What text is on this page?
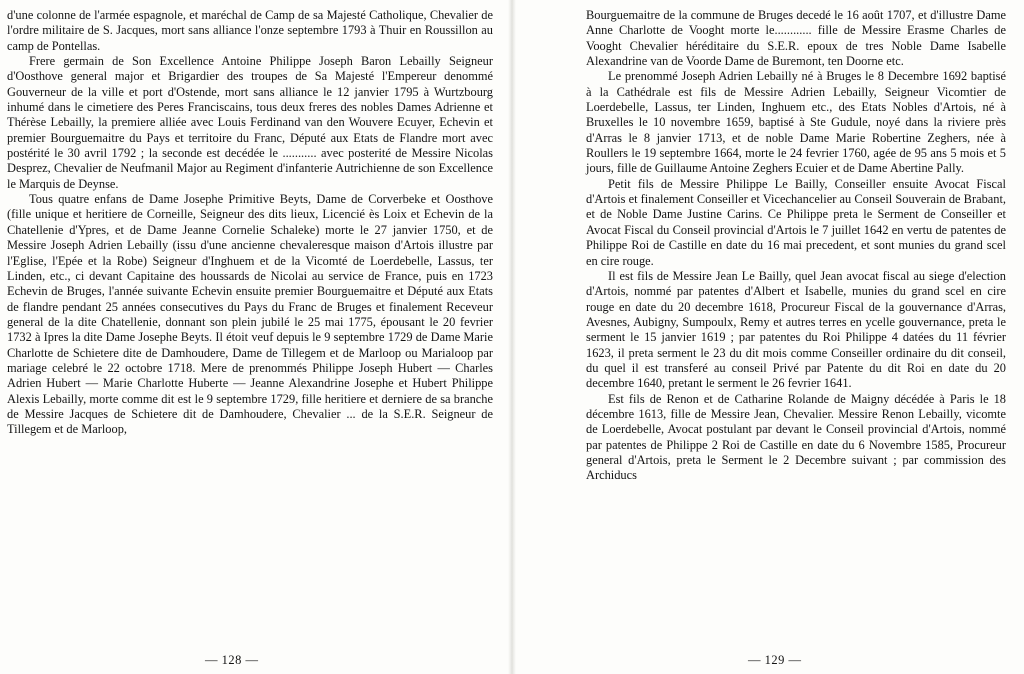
d'une colonne de l'armée espagnole, et maréchal de Camp de sa Majesté Catholique, Chevalier de l'ordre militaire de S. Jacques, mort sans alliance l'onze septembre 1793 à Thuir en Roussillon au camp de Pontellas.

Frere germain de Son Excellence Antoine Philippe Joseph Baron Lebailly Seigneur d'Oosthove general major et Brigardier des troupes de Sa Majesté l'Empereur denommé Gouverneur de la ville et port d'Ostende, mort sans alliance le 12 janvier 1795 à Wurtzbourg inhumé dans le cimetiere des Peres Franciscains, tous deux freres des nobles Dames Adrienne et Thérèse Lebailly, la premiere alliée avec Louis Ferdinand van den Wouvere Ecuyer, Echevin et premier Bourguemaitre du Pays et territoire du Franc, Député aux Etats de Flandre mort avec postérité le 30 avril 1792 ; la seconde est decédée le ........... avec posterité de Messire Nicolas Desprez, Chevalier de Neufmanil Major au Regiment d'infanterie Autrichienne de son Excellence le Marquis de Deynse.

Tous quatre enfans de Dame Josephe Primitive Beyts, Dame de Corverbeke et Oosthove (fille unique et heritiere de Corneille, Seigneur des dits lieux, Licencié ès Loix et Echevin de la Chatellenie d'Ypres, et de Dame Jeanne Cornelie Schaleke) morte le 27 janvier 1750, et de Messire Joseph Adrien Lebailly (issu d'une ancienne chevaleresque maison d'Artois illustre par l'Eglise, l'Epée et la Robe) Seigneur d'Inghuem et de la Vicomté de Loerdebelle, Lassus, ter Linden, etc., ci devant Capitaine des houssards de Nicolai au service de France, puis en 1723 Echevin de Bruges, l'année suivante Echevin ensuite premier Bourguemaitre et Député aux Etats de flandre pendant 25 années consecutives du Pays du Franc de Bruges et finalement Receveur general de la dite Chatellenie, donnant son plein jubilé le 25 mai 1775, épousant le 20 fevrier 1732 à Ipres la dite Dame Josephe Beyts. Il étoit veuf depuis le 9 septembre 1729 de Dame Marie Charlotte de Schietere dite de Damhoudere, Dame de Tillegem et de Marloop ou Marialoop par mariage celebré le 22 octobre 1718. Mere de prenommés Philippe Joseph Hubert — Charles Adrien Hubert — Marie Charlotte Huberte — Jeanne Alexandrine Josephe et Hubert Philippe Alexis Lebailly, morte comme dit est le 9 septembre 1729, fille heritiere et derniere de sa branche de Messire Jacques de Schietere dit de Damhoudere, Chevalier ... de la S.E.R. Seigneur de Tillegem et de Marloop,

Bourguemaitre de la commune de Bruges decedé le 16 août 1707, et d'illustre Dame Anne Charlotte de Vooght morte le............ fille de Messire Erasme Charles de Vooght Chevalier héréditaire du S.E.R. epoux de tres Noble Dame Isabelle Alexandrine van de Voorde Dame de Buremont, ten Doorne etc.

Le prenommé Joseph Adrien Lebailly né à Bruges le 8 Decembre 1692 baptisé à la Cathédrale est fils de Messire Adrien Lebailly, Seigneur Vicomtier de Loerdebelle, Lassus, ter Linden, Inghuem etc., des Etats Nobles d'Artois, né à Bruxelles le 10 novembre 1659, baptisé à Ste Gudule, noyé dans la riviere près d'Arras le 8 janvier 1713, et de noble Dame Marie Robertine Zeghers, née à Roullers le 19 septembre 1664, morte le 24 fevrier 1760, agée de 95 ans 5 mois et 5 jours, fille de Guillaume Antoine Zeghers Ecuier et de Dame Abertine Pally.

Petit fils de Messire Philippe Le Bailly, Conseiller ensuite Avocat Fiscal d'Artois et finalement Conseiller et Vicechancelier au Conseil Souverain de Brabant, et de Noble Dame Justine Carins. Ce Philippe preta le Serment de Conseiller et Avocat Fiscal du Conseil provincial d'Artois le 7 juillet 1642 en vertu de patentes de Philippe Roi de Castille en date du 16 mai precedent, et sont munies du grand scel en cire rouge.

Il est fils de Messire Jean Le Bailly, quel Jean avocat fiscal au siege d'election d'Artois, nommé par patentes d'Albert et Isabelle, munies du grand scel en cire rouge en date du 20 decembre 1618, Procureur Fiscal de la gouvernance d'Arras, Avesnes, Aubigny, Sumpoulx, Remy et autres terres en ycelle gouvernance, preta le serment le 15 janvier 1619 ; par patentes du Roi Philippe 4 datées du 11 février 1623, il preta serment le 23 du dit mois comme Conseiller ordinaire du dit conseil, du quel il est transferé au conseil Privé par Patente du dit Roi en date du 20 decembre 1640, pretant le serment le 26 fevrier 1641.

Est fils de Renon et de Catharine Rolande de Maigny décédée à Paris le 18 décembre 1613, fille de Messire Jean, Chevalier. Messire Renon Lebailly, vicomte de Loerdebelle, Avocat postulant par devant le Conseil provincial d'Artois, nommé par patentes de Philippe 2 Roi de Castille en date du 6 Novembre 1585, Procureur general d'Artois, preta le Serment le 2 Decembre suivant ; par commission des Archiducs

— 128 —	— 129 —
